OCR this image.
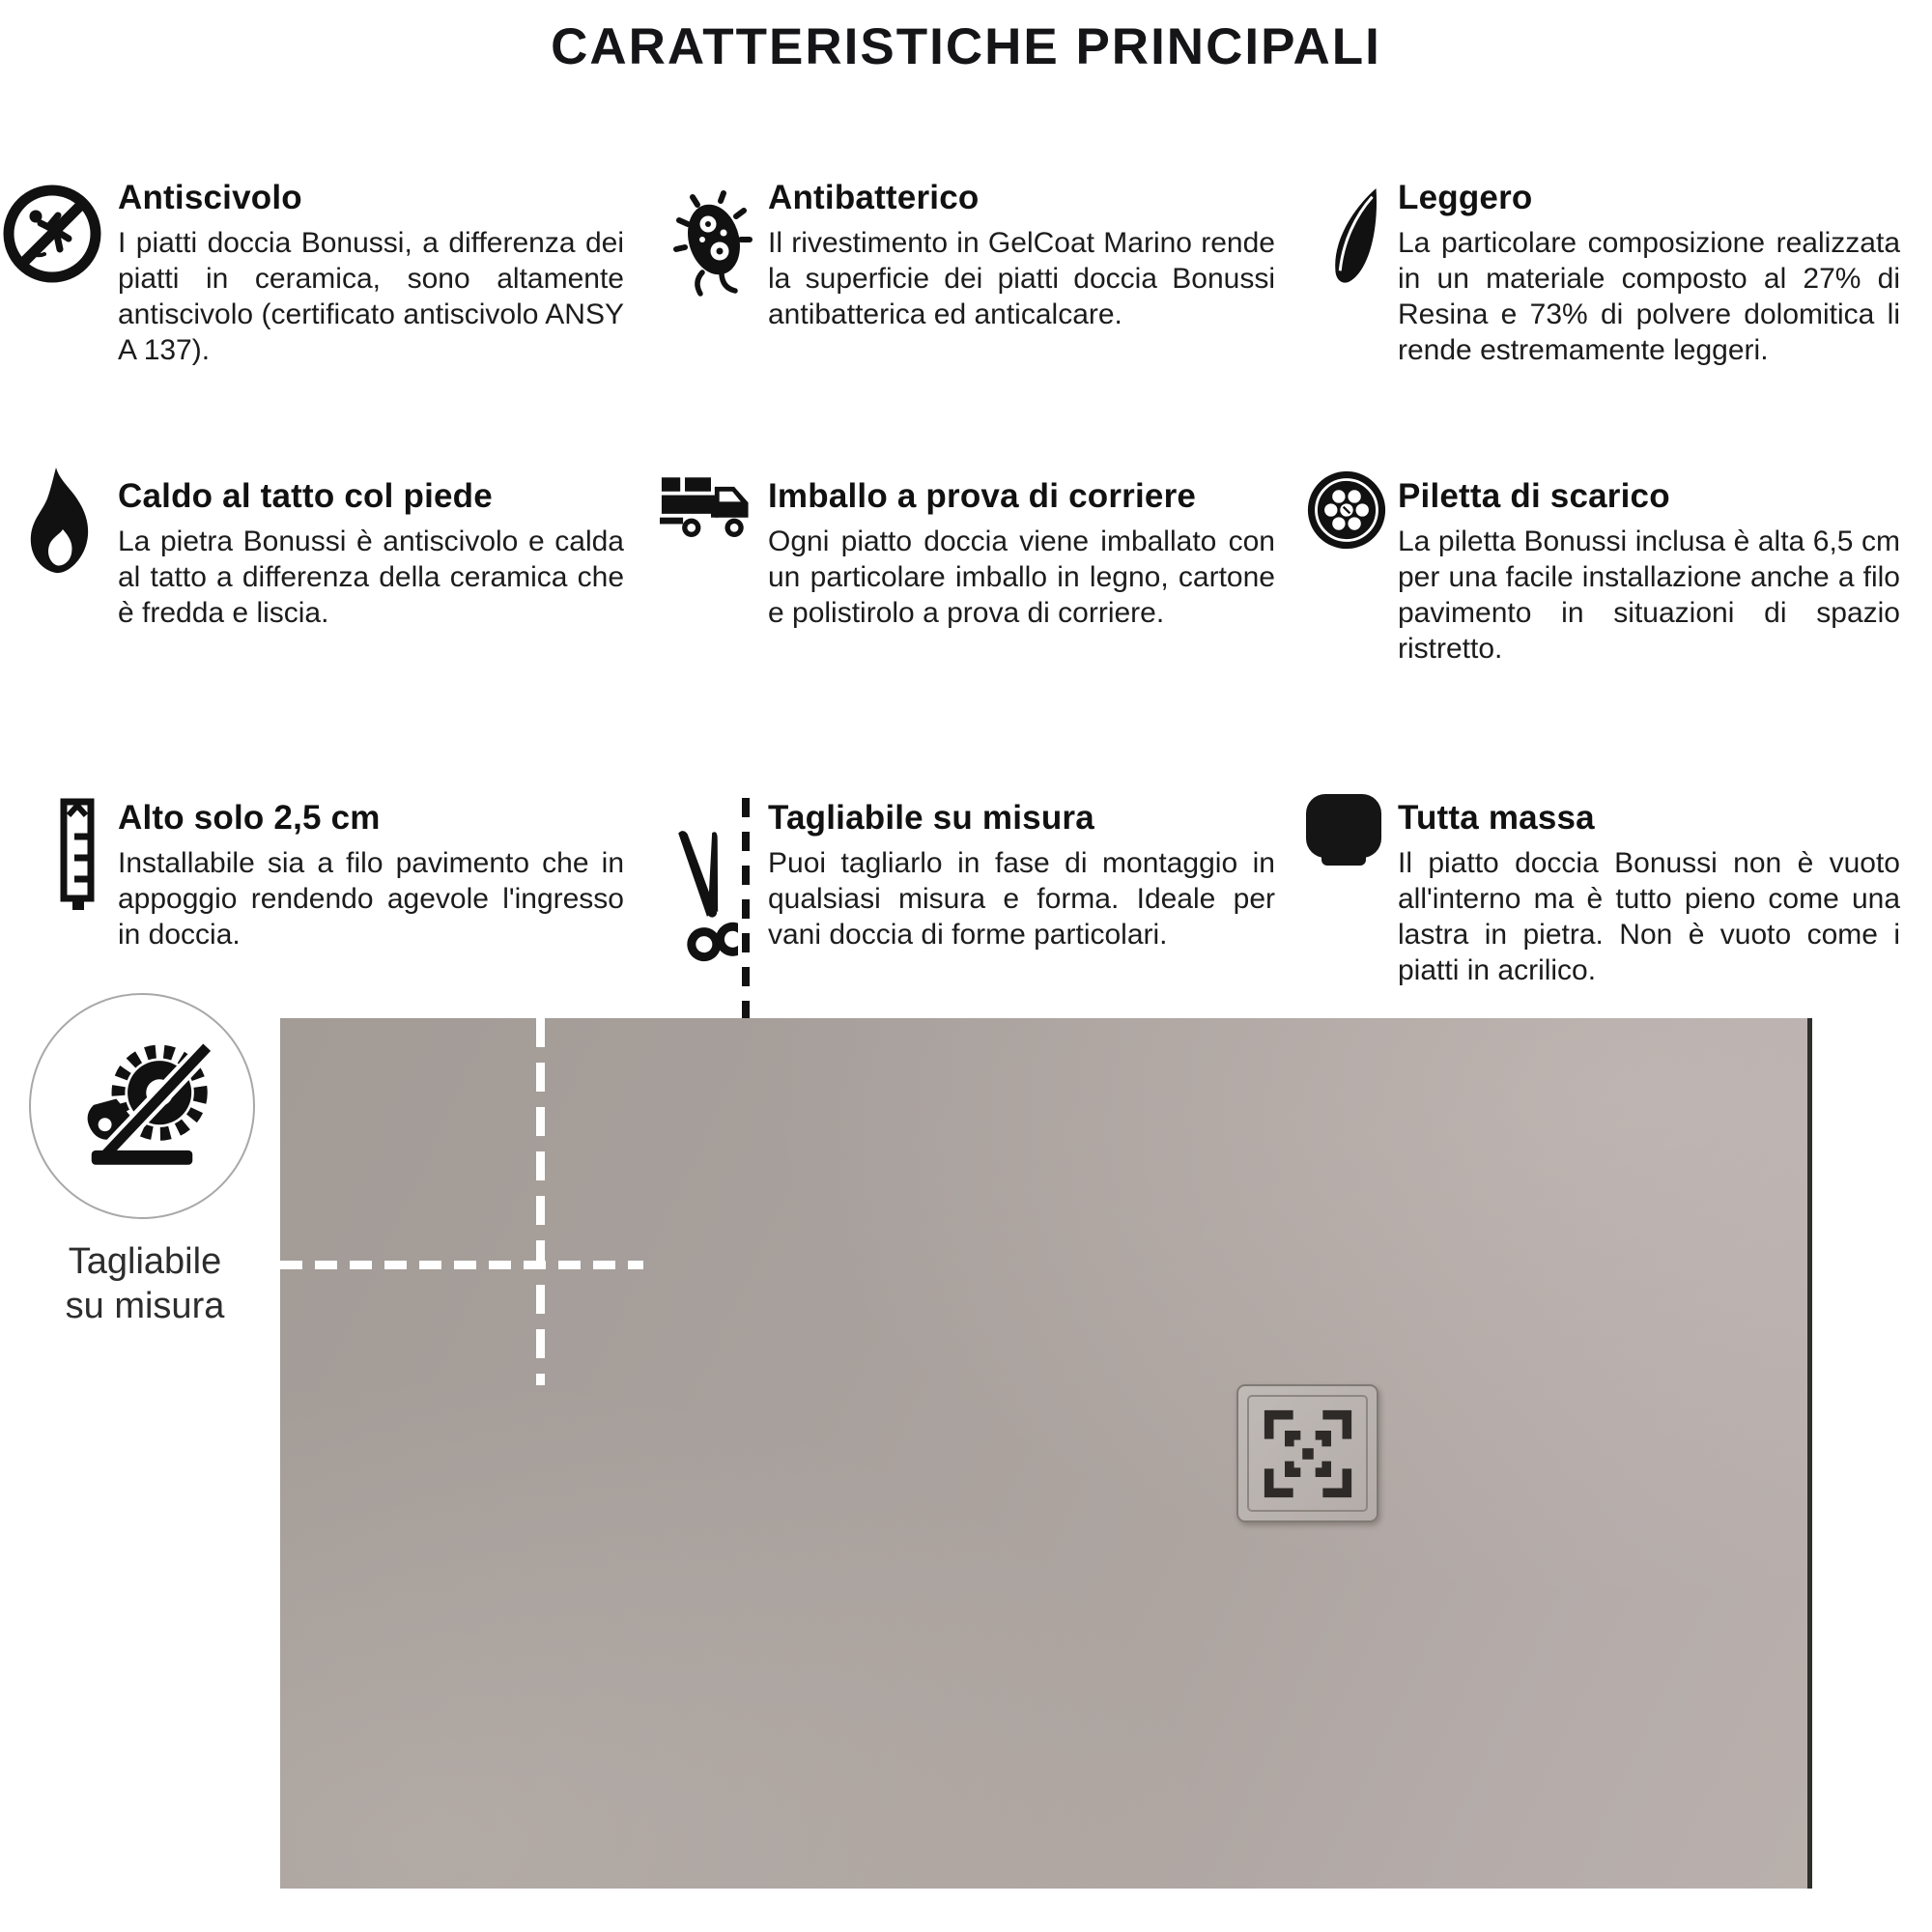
CARATTERISTICHE PRINCIPALI
Antiscivolo

I piatti doccia Bonussi, a differenza dei piatti in ceramica, sono altamente antiscivolo (certificato antiscivolo ANSY A 137).

Antibatterico

Il rivestimento in GelCoat Marino rende la superficie dei piatti doccia Bonussi antibatterica ed anticalcare.

Leggero

La particolare composizione realizzata in un materiale composto al 27% di Resina e 73% di polvere dolomitica li rende estremamente leggeri.

Caldo al tatto col piede

La pietra Bonussi è antiscivolo e calda al tatto a differenza della ceramica che è fredda e liscia.

Imballo a prova di corriere

Ogni piatto doccia viene imballato con un particolare imballo in legno, cartone e polistirolo a prova di corriere.

Piletta di scarico

La piletta Bonussi inclusa è alta 6,5 cm per una facile installazione anche a filo pavimento in situazioni di spazio ristretto.

Alto solo 2,5 cm

Installabile sia a filo pavimento che in appoggio rendendo agevole l'ingresso in doccia.

Tagliabile su misura

Puoi tagliarlo in fase di montaggio in qualsiasi misura e forma. Ideale per vani doccia di forme particolari.

Tutta massa

Il piatto doccia Bonussi non è vuoto all'interno ma è tutto pieno come una lastra in pietra. Non è vuoto come i piatti in acrilico.

Tagliabile
su misura
